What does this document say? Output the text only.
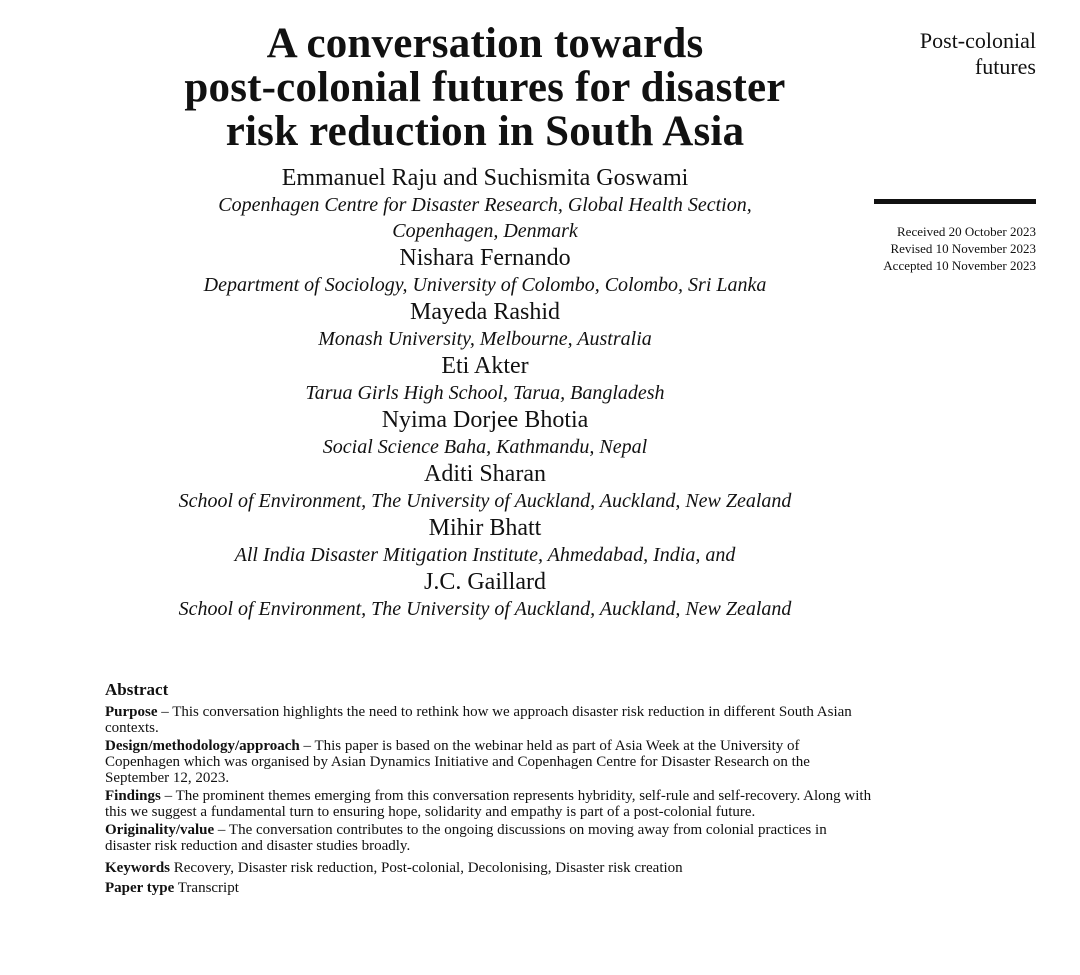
A conversation towards
post-colonial futures for disaster
risk reduction in South Asia
Emmanuel Raju and Suchismita Goswami
Copenhagen Centre for Disaster Research, Global Health Section,
Copenhagen, Denmark
Nishara Fernando
Department of Sociology, University of Colombo, Colombo, Sri Lanka
Mayeda Rashid
Monash University, Melbourne, Australia
Eti Akter
Tarua Girls High School, Tarua, Bangladesh
Nyima Dorjee Bhotia
Social Science Baha, Kathmandu, Nepal
Aditi Sharan
School of Environment, The University of Auckland, Auckland, New Zealand
Mihir Bhatt
All India Disaster Mitigation Institute, Ahmedabad, India, and
J.C. Gaillard
School of Environment, The University of Auckland, Auckland, New Zealand
Post-colonial
futures
Received 20 October 2023
Revised 10 November 2023
Accepted 10 November 2023
Abstract

Purpose – This conversation highlights the need to rethink how we approach disaster risk reduction in different South Asian contexts.

Design/methodology/approach – This paper is based on the webinar held as part of Asia Week at the University of Copenhagen which was organised by Asian Dynamics Initiative and Copenhagen Centre for Disaster Research on the September 12, 2023.

Findings – The prominent themes emerging from this conversation represents hybridity, self-rule and self-recovery. Along with this we suggest a fundamental turn to ensuring hope, solidarity and empathy is part of a post-colonial future.

Originality/value – The conversation contributes to the ongoing discussions on moving away from colonial practices in disaster risk reduction and disaster studies broadly.

Keywords Recovery, Disaster risk reduction, Post-colonial, Decolonising, Disaster risk creation
Paper type Transcript
